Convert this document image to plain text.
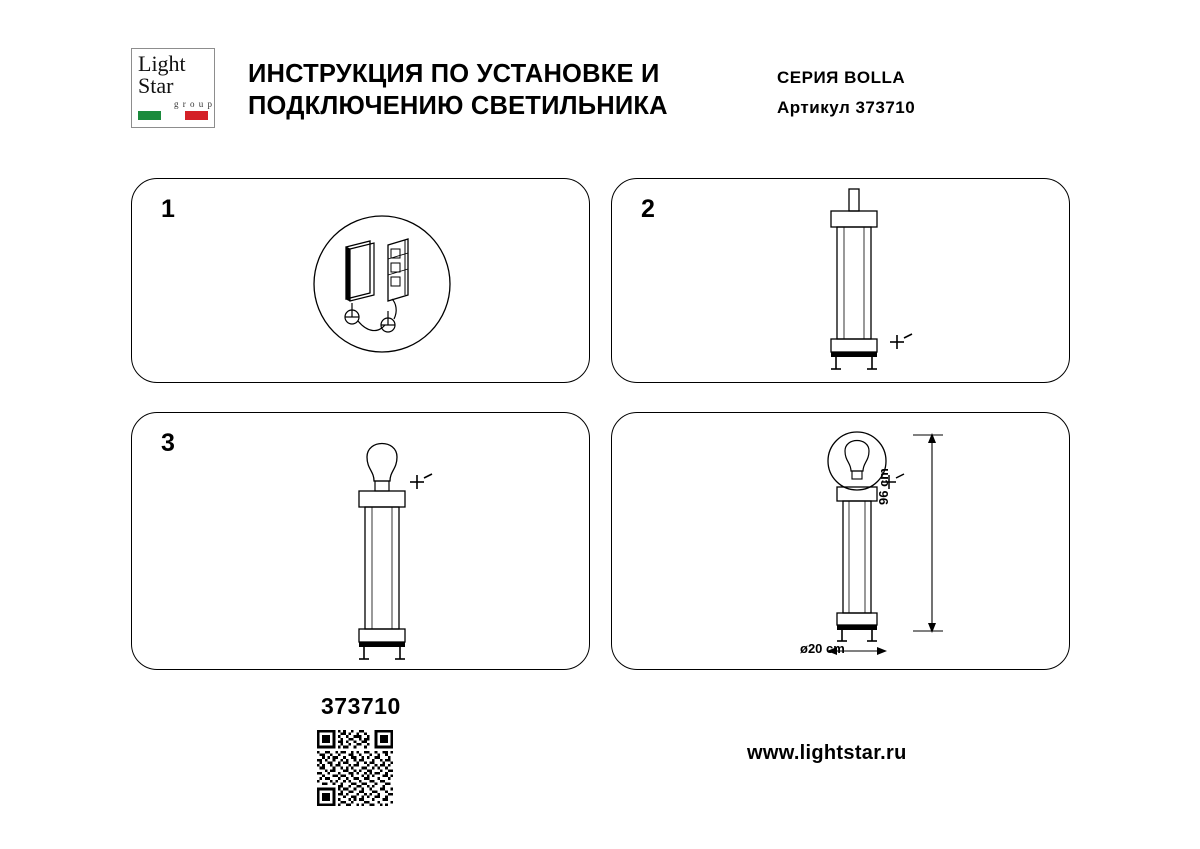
Light
Star
g r o u p
ИНСТРУКЦИЯ ПО УСТАНОВКЕ И ПОДКЛЮЧЕНИЮ СВЕТИЛЬНИКА
СЕРИЯ BOLLA
Артикул 373710
1	2
3
96 cm
ø20 cm
373710
www.lightstar.ru
